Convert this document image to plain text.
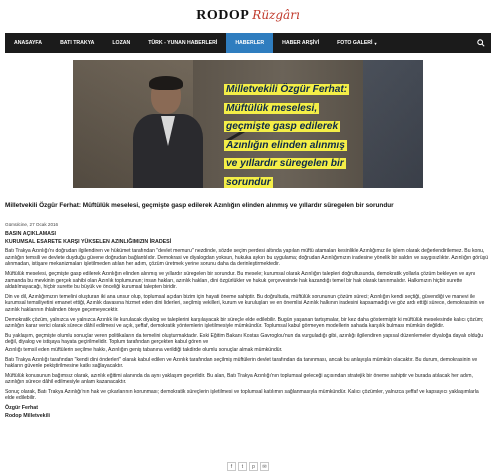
RODOP Rüzgârı
ANASAYFA	BATI TRAKYA	LOZAN	TÜRK - YUNAN HABERLERİ	HABERLER	HABER ARŞİVİ	FOTO GALERİ ▾
Milletvekili Özgür Ferhat:
Müftülük meselesi,
geçmişte gasp edilerek
Azınlığın elinden alınmış
ve yıllardır süregelen bir
sorundur
Milletvekili Özgür Ferhat: Müftülük meselesi, geçmişte gasp edilerek Azınlığın elinden alınmış ve yıllardır süregelen bir sorundur
Gümülcine, 27 Ocak 2016
BASIN AÇIKLAMASI
KURUMSAL ESARETE KARŞI YÜKSELEN AZINLIĞIMIZIN İRADESİ

Batı Trakya Azınlığı'nı doğrudan ilgilendiren ve hükümet tarafından "devlet memuru" nezdinde, sözde seçim perdesi altında yapılan müftü atamaları kesinlikle Azınlığımız ile işlem olarak değerlendirilemez. Bu konu, azınlığın temsili ve devlete duyduğu güvene doğrudan bağlantılıdır. Demokrasi ve diyalogdan yoksun, hukuka aykırı bu uygulama; doğrudan Azınlığımızın iradesine yönelik bir saldırı ve saygısızlıktır. Azınlığın görüşü alınmadan, istişare mekanizmaları işletilmeden atılan her adım, çözüm üretmek yerine sorunu daha da derinleştirmektedir.

Müftülük meselesi, geçmişte gasp edilerek Azınlığın elinden alınmış ve yıllardır süregelen bir sorundur. Bu mesele; kurumsal olarak Azınlığın talepleri doğrultusunda, demokratik yollarla çözüm bekleyen ve aynı zamanda bu mevkinin gerçek sahibi olan Azınlık toplumunun; insan hakları, azınlık hakları, dini özgürlükler ve hukuk çerçevesinde hak kazandığı temel bir hak olarak tanınmalıdır. Halkımızın hiçbir surette aldatılmayacağı, hiçbir surette bu büyük ve önceliği kurumsal talepten biridir.

Din ve dil, Azınlığımızın temelini oluşturan iki ana unsur olup, toplumsal açıdan bizim için hayati öneme sahiptir. Bu doğrultuda, müftülük sorununun çözüm süreci; Azınlığın kendi seçtiği, güvendiği ve manevi ile kurumsal temsiliyetini emanet ettiği, Azınlık davasına hizmet eden dini liderleri, seçilmiş vekilleri, kurum ve kuruluşları ve en önemlisi Azınlık halkının iradesini kapsamadığı ve göz ardı ettiği sürece, demokrasinin ve azınlık haklarının ihlalinden öteye geçemeyecektir.

Demokratik çözüm, yalnızca ve yalnızca Azınlık ile kurulacak diyalog ve taleplerini karşılayacak bir süreçle elde edilebilir. Bugün yaşanan tartışmalar, bir kez daha göstermiştir ki müftülük meselesinde kalıcı çözüm; azınlığın karar verici olarak sürece dâhil edilmesi ve açık, şeffaf, demokratik yöntemlerin işletilmesiyle mümkündür. Toplumsal kabul görmeyen modellerin sahada karşılık bulması mümkün değildir.

Bu yaklaşım, geçmişte olumlu sonuçlar veren politikaların da temelini oluşturmaktadır. Eski Eğitim Bakanı Kostas Gavroglou'nun da vurguladığı gibi, azınlığı ilgilendiren yapısal düzenlemeler diyaloğa dayalı olduğu değil, diyalog ve istişaya hayata geçirilmelidir. Toplum tarafından gerçekten kabul gören ve

Azınlığı temsil eden müftülerin seçilme hakkı, Azınlığın geniş tabanına verildiği takdirde olumlu sonuçlar almak mümkündür.

Batı Trakya Azınlığı tarafından "kendi dini önderleri" olarak kabul edilen ve Azınlık tarafından seçilmiş müftülerin devlet tarafından da tanınması, ancak bu anlayışla mümkün olacaktır. Bu durum, demokrasinin ve hakların güvenle pekiştirilmesine katkı sağlayacaktır.

Müftülük konusunun bağımsız olarak, azınlık eğitimi alanında da aynı yaklaşım geçerlidir. Bu alan, Batı Trakya Azınlığı'nın toplumsal geleceği açısından stratejik bir öneme sahiptir ve burada atılacak her adım, azınlığın sürece dâhil edilmesiyle anlam kazanacaktır.

Sonuç olarak, Batı Trakya Azınlığı'nın hak ve çıkarlarının korunması; demokratik süreçlerin işletilmesi ve toplumsal katılımın sağlanmasıyla mümkündür. Kalıcı çözümler, yalnızca şeffaf ve kapsayıcı yaklaşımlarla elde edilebilir.

Özgür Ferhat
Rodop Milletvekili
f t p ✉
